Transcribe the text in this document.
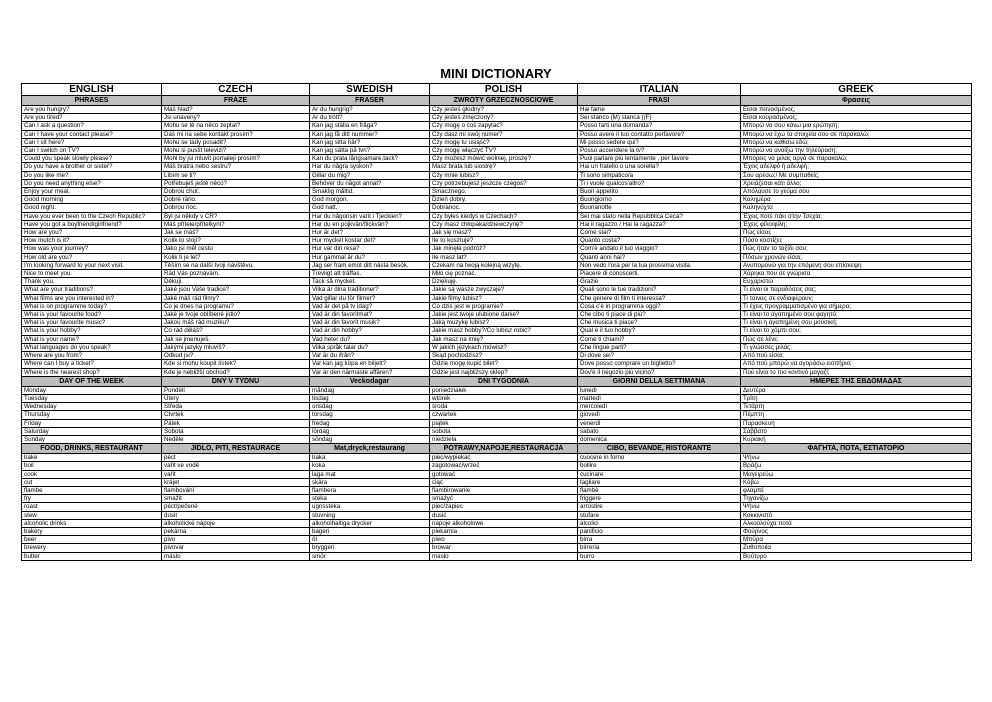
MINI DICTIONARY
ENGLISH	CZECH	SWEDISH	POLISH	ITALIAN	GREEK
PHRASES	FRÁZE	FRASER	ZWROTY GRZECZNOSCIOWE	FRASI	Φρασεις
Are you hungry?	Máš hlad?	Är du hungrig?	Czy jesteś głodny?	Hai fame	Είσαι πεινασμένος;
Are you tired?	Jsi unavený?	Är du trött?	Czy jesteś zmęczony?	Sei stanco (M) stanca ((F)	Είσαι κουρασμένος;
Can I ask a question?	Mohu se tě na něco zeptat?	Kan jag ställa en fråga?	Czy mogę o coś zapytać?	Posso farti una domanda?	Μπορώ να σου κάνω μια ερώτηση;
Can I have your contact please?	Dáš mi na sebe kontakt prosím?	Kan jag få ditt nummer?	Czy dasz mi swój numer?	Posso avere il tuo contatto perfavore?	Μπορώ να έχω τα στοιχεία σου σε παρακαλώ;
Can I sit here?	Mohu se tady posadit?	Kan jag sitta här?	Czy mogę tu usiąść?	Mi posso sedere qui?	Μπορώ να καθίσω εδώ;
Can I switch on TV?	Mohu si pustit televizi?	Kan jag sätta på tvn?	Czy mogę włączyć TV?	Posso accendere la tv?	Μπορώ να ανοίξω την τηλεόραση;
Could you speak slowly please?	Mohl by jsi mluvit pomaleji prosím?	Kan du prata långsamare,tack?	Czy możesz mówić wolniej, proszę?	Puoi parlare più lentamente , per favore	Μπορεις να μιλας αργά σε παρακαλώ;
Do you have a brother or sister?	Máš bratra nebo sestru?	Har du några syskon?	Masz brata lub siostrę?	Hai un fratello o una sorella?	Έχεις αδελφό ή αδελφή;
Do you like me?	Líbím se ti?	Gillar du mig?	Czy mnie lubisz?	Ti sono simpatico/a	Σου αρέσω;/ Με συμπαθείς;
Do you need anything else?	Potřebuješ ještě něco?	Behöver du något annat?	Czy potrzebujesz jeszcze czegoś?	Ti i vuole qualcos'altro?	Χρειάζεσαι κάτι άλλο;
Enjoy your meal.	Dobrou chuť.	Smaklig måltid.	Smacznego.	Buon appetito	Απόλαυσε το γεύμα σου
Good morning	Dobré ráno.	God morgon.	Dzień dobry.	Buongiorno	Καλημέρα
Good night.	Dobrou noc.	God natt.	Dobranoc.	Buonanotte	Καληνύχτα
Have you ever been to the Czech Republic?	Byl jsi někdy v ČR?	Har du någonsin varit i Tjeckien?	Czy byłeś kiedyś w Czechach?	Sei mai stato nella Repubblica Ceca?	Έχεις ποτέ πάει στην Τσεχία;
Have you got a boyfriend/girlfriend?	Máš přítele/přítelkyni?	Har du en pojkvän/flickvän?	Czy masz chłopaka/dziewczynę?	Hai il ragazzo / Hai la ragazza?	Έχεις φίλο/φίλη;
How are you?	Jak se máš?	Hur är det?	Jak się masz?	Come stai?	Πώς είσαι;
How mutch is it?	Kolik to stojí?	Hur mycket kostar det?	Ile to kosztuje?	Quanto costa?	Πόσο κοστίζει;
How was your journey?	Jako jsi měl cestu	Hur var din resa?	Jak minęła podróż?	Com'è andato il tuo viaggio?	Πώς ήταν το ταξίδι σου;
How old are you?	Kolik ti je let?	Hur gammal är du?	Ile masz lat?	Quanti anni hai?	Πόσων χρονών είσαι;
I'm looking forward to your next visit.	Těším se na další tvoji návštěvu.	Jag ser fram emot ditt nästa besök.	Czekam na twoją kolejną wizytę.	Non vedo l'ora per la tua prossima visita.	Ανυπομονώ για την επόμενη σου επίσκεψη
Nice to meet you.	Rád Vás poznávám.	Trevligt att träffas.	Miło cię poznać.	Piacere di conoscerti.	Χάρηκα που σε γνώρισα
Thank you.	Děkuji.	Tack så mycket.	Dziękuję.	Grazie	Ευχαριστώ
What are your traditions?	Jaké jsou Vaše tradice?	Vilka är dina traditioner?	Jakie są wasze zwyczaje?	Quali sono le tue tradizioni?	Τι είναι οι παραδόσεις σας;
What films are you interested in?	Jaké máš rád filmy?	Vad gillar du för filmer?	Jakie filmy lubisz?	Che genere di film ti interessa?	Τι ταινιες σε ενδιαφέρουν;
What is on programme today?	Co je dnes na programu?	Vad är det på tv idag?	Co dziś jest w programie?	Cosa c'è in programma oggi?	Τι έχεις προγραμματισμένο για σήμερα;
What is your favourite food?	Jaké je tvoje oblíbené jídlo?	Vad är din favoritmat?	Jakie jest twoje ulubione danie?	Che cibo ti piace di più?	Τι είναι το αγαπημένο σου φαγητό;
What is your favourite music?	Jakou máš rád muziku?	Vad är din favorit musik?	Jaką muzykę lubisz?	Che musica ti piace?	Τι είναι η αγαπημένη σου μουσική;
What is your hobby?	Co rád děláš?	Vad är din hobby?	Jakie masz hobby?/Co lubisz robić?	Qual è il tuo hobby?	Τι είναι το χόμπι σου;
What is your name?	Jak se jmenuješ.	Vad heter du?	Jak masz na imię?	Come ti chiami?	Πώς σε λένε;
What languages do you speak?	Jakými jazyky mluvíš?	Vilka språk talar du?	W jakich językach mówisz?	Che lingue parli?	Τι γλώσσες μιλάς;
Where are you from?	Odkud jsi?	Var är du ifrån?	Skąd pochodzisz?	Di dove sei?	Από πού είσαι;
Where can I buy a ticket?	Kde si mohu koupit lístek?	Var kan jag köpa en biljett?	Gdzie mogę kupić bilet?	Dove posso comprare un biglietto?	Από πού μπορώ να αγοράσω εισιτήριο;
Where is the nearest shop?	Kde je nebližší obchod?	Var är den närmaste affären?	Gdzie jest najbliższy sklep?	Dov'è il negozio più vicino?	Πού είναι το πιο κοντινό μαγαζί;
DAY OF THE WEEK	DNY V TÝDNU	Veckodagar	DNI TYGODNIA	GIORNI DELLA SETTIMANA	ΗΜΕΡΕΣ ΤΗΣ ΕΒΔΟΜΑΔΑΣ
Monday	Pondělí	måndag	poniedziałek	lunedì	Δευτέρα
Tuesday	Úterý	tisdag	wtorek	martedì	Τρίτη
Wednesday	Středa	onsdag	środa	mercoledì	Τετάρτη
Thursday	Čtvrtek	torsdag	czwartek	giovedì	Πέμπτη
Friday	Pátek	fredag	piątek	venerdì	Παρασκευή
Saturday	Sobota	lördag	sobota	sabato	Σάββατο
Sunday	Neděle	söndag	niedziela	domenica	Κυριακή
FOOD, DRINKS, RESTAURANT	JÍDLO, PITÍ, RESTAURACE	Mat,dryck,restaurang	POTRAWY,NAPOJE,RESTAURACJA	CIBO, BEVANDE, RISTORANTE	ΦΑΓΗΤΑ, ΠΟΤΑ, ΕΣΤΙΑΤΟΡΙΟ
bake	péct	baka	piec/wypiekać	cuocere in forno	Ψήνω
boil	vařit ve vodě	koka	zagotować/wrzeć	bollire	Βράζω
cook	vařit	laga mat	gotować	cucinare	Μαγειρεύω
cut	krájet	skära	ciąć	tagliare	Κόβω
flambe	flambování	flambera	flambirowanie	flambè	φλαμπέ
fry	smažit	steka	smażyć	friggere	Τηγανίζω
roast	péct/pečené	ugnssteka	piec/zapiec	arrostire	Ψήνω
stew	dusit	stuvning	dusić	stufare	Κοκκινιστό
alcoholic drinks	alkoholické nápoje	alkoholhaltiga drycker	napoje alkoholowe	alcolici	Αλκοολούχα ποτά
bakery	pekárna	bageri	piekarnia	panificio	Φούρνος
beer	pivo	öl	piwo	birra	Μπύρα
brewery	pivovar	bryggeri	browar	birreria	Ζυθοποιία
butter	máslo	smör	masło	burro	Βούτυρο
